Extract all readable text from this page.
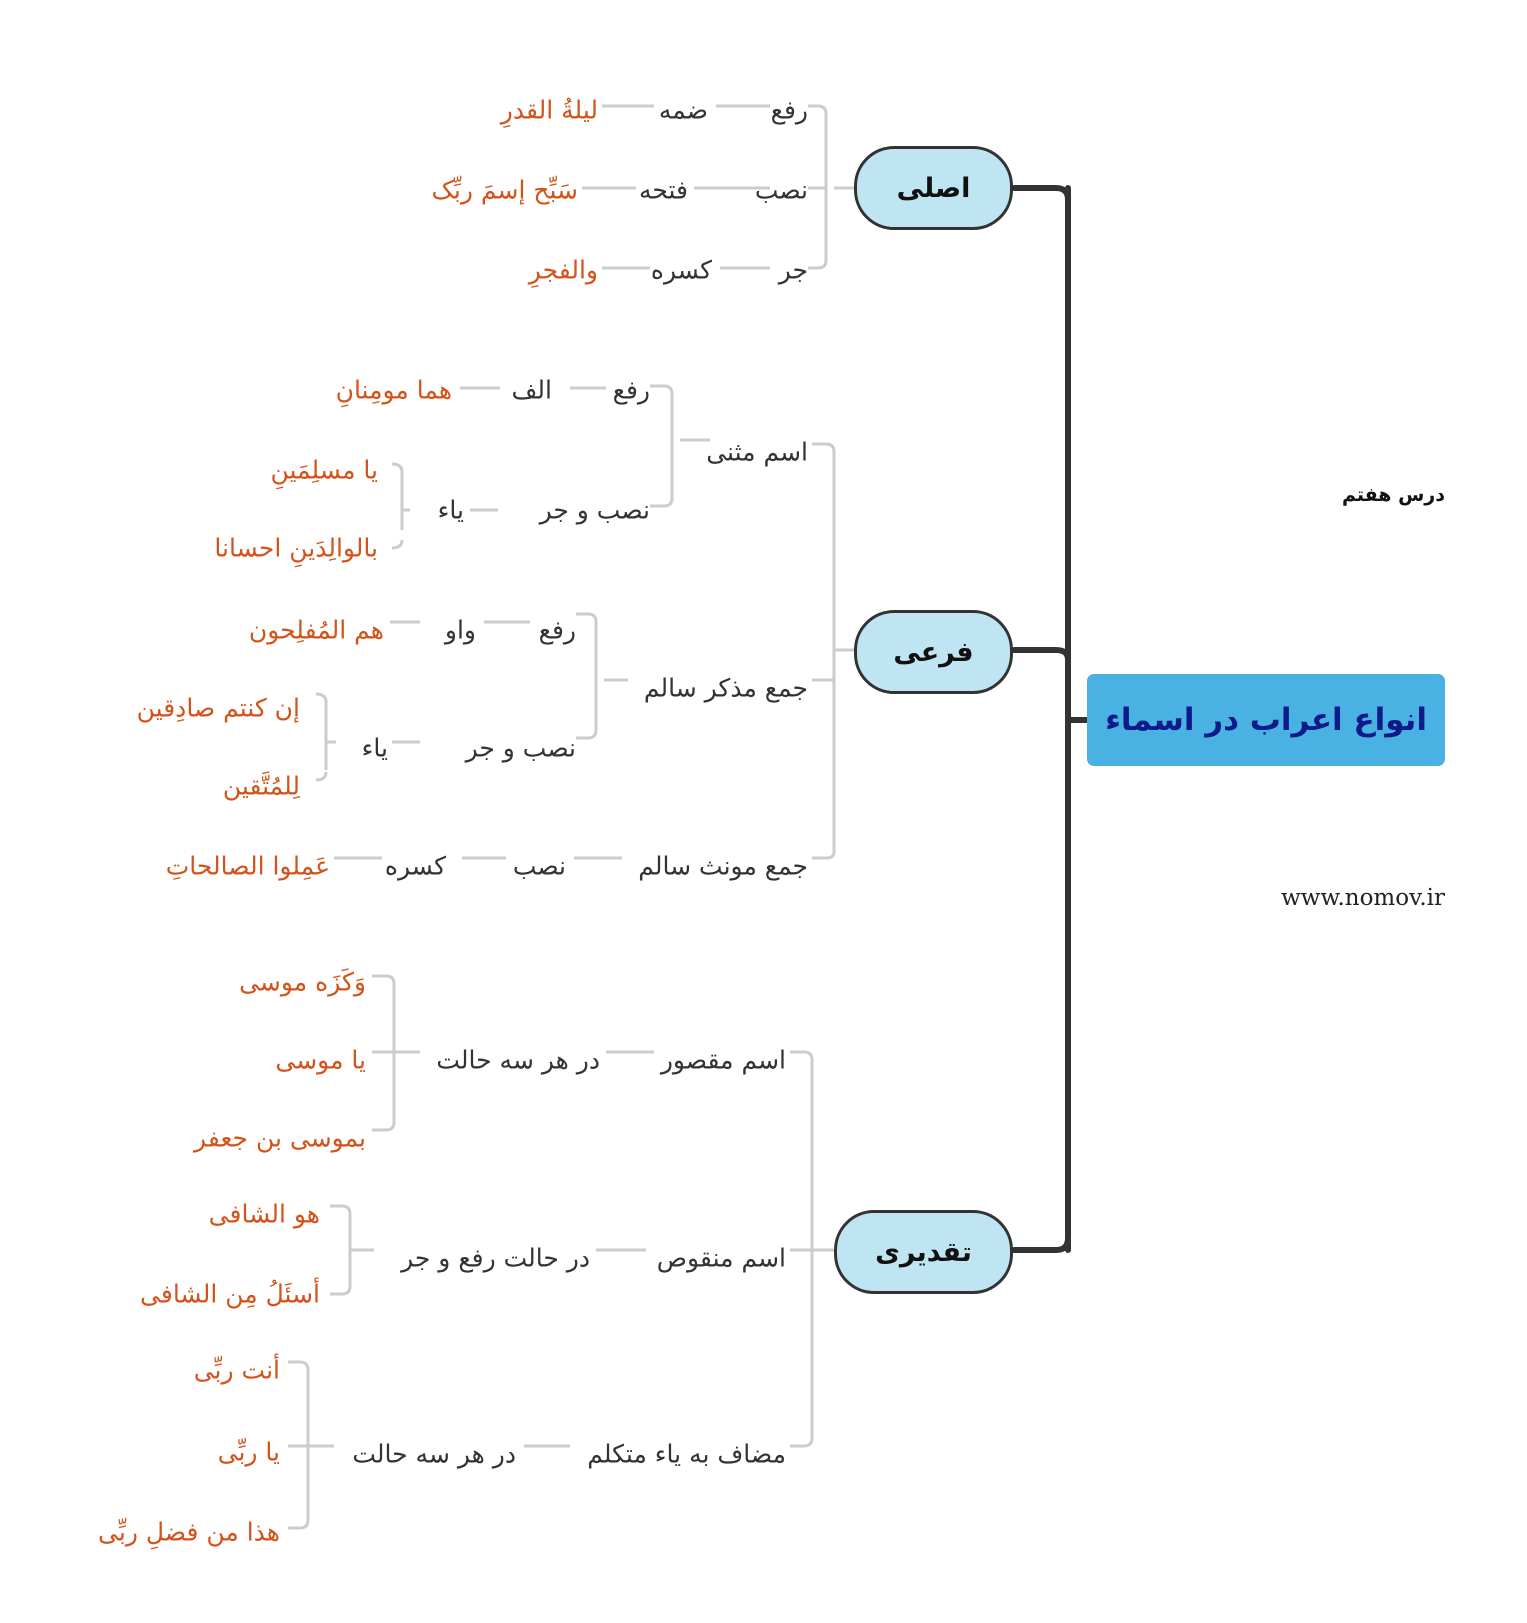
انواع اعراب در اسماء
درس هفتم
www.nomov.ir
اصلی
رفع
ضمه
ليلةُ القدرِ
نصب
فتحه
سَبِّح إسمَ ربِّک
جر
کسره
والفجرِ
فرعی
اسم مثنی
رفع
الف
هما مومِنانِ
نصب و جر
یاء
یا مسلِمَینِ
بالوالِدَینِ احسانا
جمع مذکر سالم
رفع
واو
هم المُفلِحون
نصب و جر
یاء
إن کنتم صادِقین
لِلمُتَّقین
جمع مونث سالم
نصب
کسره
عَمِلوا الصالحاتِ
تقدیری
اسم مقصور
در هر سه حالت
وَکَزَه موسی
یا موسی
بموسی بن جعفر
اسم منقوص
در حالت رفع و جر
هو الشافی
أسئَلُ مِن الشافی
مضاف به یاء متکلم
در هر سه حالت
أنت ربِّی
یا ربِّی
هذا من فضلِ ربِّی
